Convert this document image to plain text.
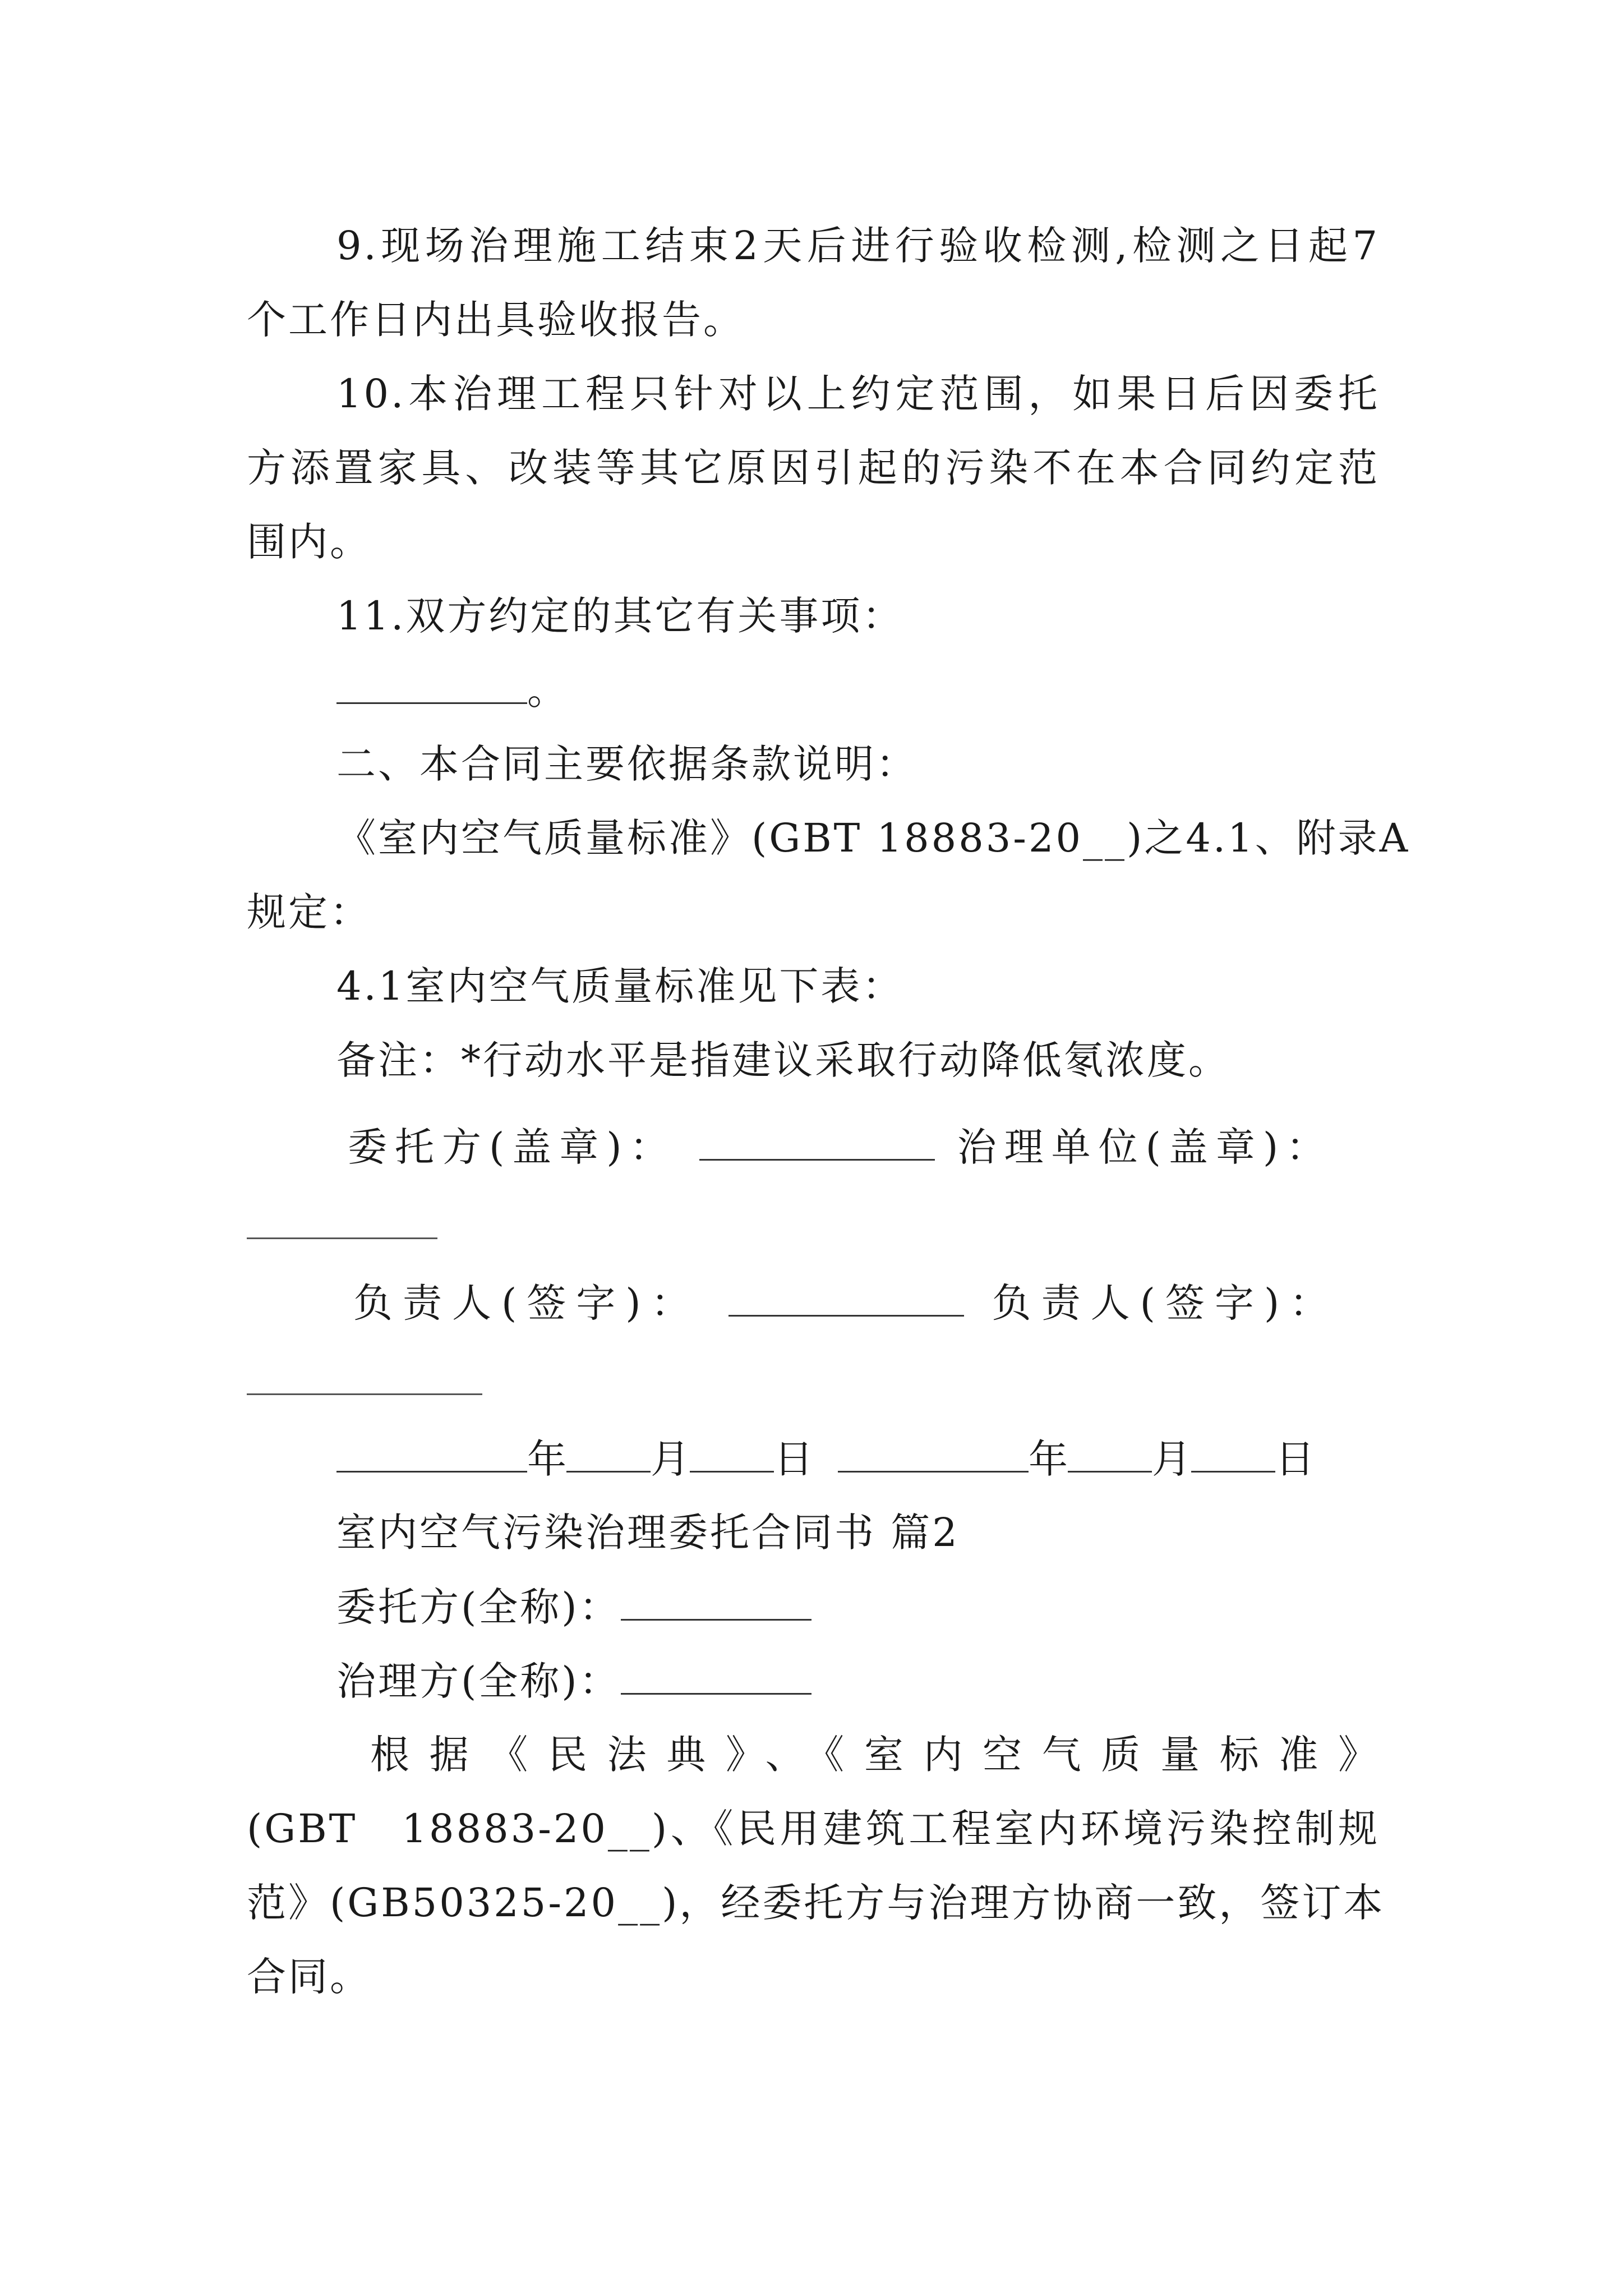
9.现场治理施工结束2天后进行验收检测,检测之日起7
个工作日内出具验收报告。
10.本治理工程只针对以上约定范围，如果日后因委托
方添置家具、改装等其它原因引起的污染不在本合同约定范
围内。
11.双方约定的其它有关事项：
。
二、本合同主要依据条款说明：
《室内空气质量标准》(GBT 18883-20__)之4.1、附录A
规定：
4.1室内空气质量标准见下表：
备注：*行动水平是指建议采取行动降低氡浓度。
委托方(盖章)：	治理单位(盖章)：
负责人(签字)：	负责人(签字)：
年 月 日	年 月 日
室内空气污染治理委托合同书 篇2
委托方(全称)：
治理方(全称)：
根据《民法典》、《室内空气质量标准》
(GBT　18883-20__)、《民用建筑工程室内环境污染控制规
范》(GB50325-20__)，经委托方与治理方协商一致，签订本
合同。
